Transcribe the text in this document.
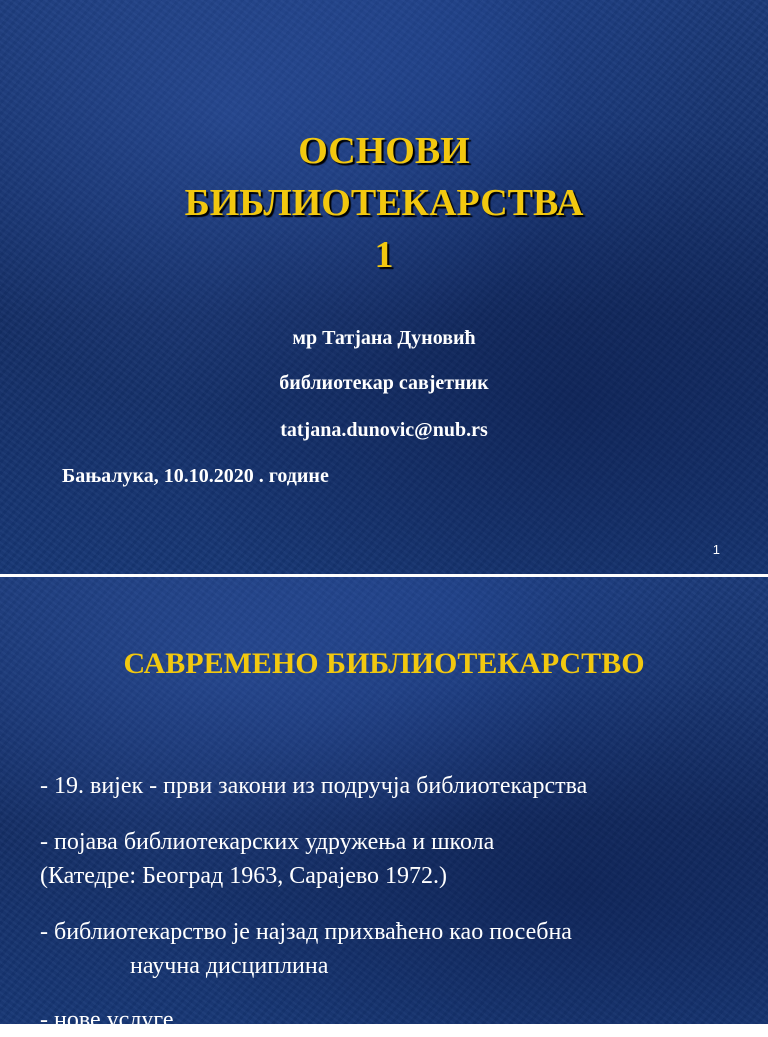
ОСНОВИ
БИБЛИОТЕКАРСТВА
1
мр Татјана Дуновић
библиотекар савјетник
tatjana.dunovic@nub.rs
Бањалука, 10.10.2020 . године
1
САВРЕМЕНО БИБЛИОТЕКАРСТВО
- 19. вијек - први закони из подручја библиотекарства
- појава библиотекарских удружења и школа
(Катедре: Београд 1963, Сарајево 1972.)
- библиотекарство је најзад прихваћено као посебна

научна дисциплина
- нове услуге
